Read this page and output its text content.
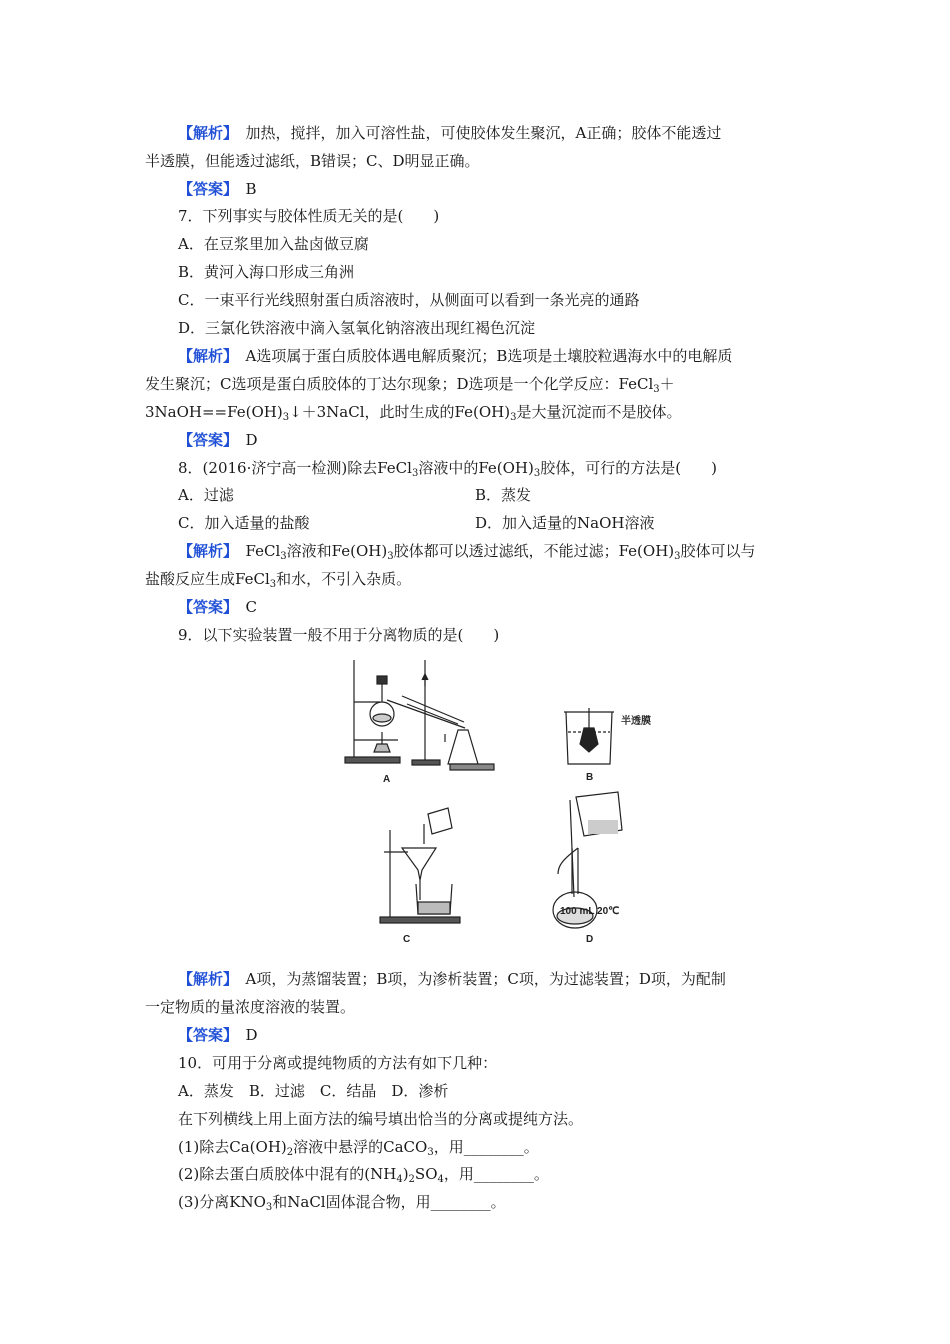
【解析】　 加热，搅拌，加入可溶性盐，可使胶体发生聚沉，A正确；胶体不能透过
半透膜，但能透过滤纸，B错误；C、D明显正确。
【答案】　 B
7．下列事实与胶体性质无关的是(　　)
A．在豆浆里加入盐卤做豆腐
B．黄河入海口形成三角洲
C．一束平行光线照射蛋白质溶液时，从侧面可以看到一条光亮的通路
D．三氯化铁溶液中滴入氢氧化钠溶液出现红褐色沉淀
【解析】　 A选项属于蛋白质胶体遇电解质聚沉；B选项是土壤胶粒遇海水中的电解质
发生聚沉；C选项是蛋白质胶体的丁达尔现象；D选项是一个化学反应：FeCl$_3$＋
$3NaOH==Fe(OH)_3↓+3NaCl$，此时生成的$Fe(OH)_3$是大量沉淀而不是胶体。
【答案】　 D
8．(2016·济宁高一检测)除去FeCl$_3$溶液中的$Fe(OH)_3$胶体，可行的方法是(　　)
A．过滤	B．蒸发
C．加入适量的盐酸	D．加入适量的NaOH溶液
【解析】　 FeCl$_3$溶液和$Fe(OH)_3$胶体都可以透过滤纸，不能过滤；$Fe(OH)_3$胶体可以与
盐酸反应生成FeCl$_3$和水，不引入杂质。
【答案】　 C
9．以下实验装置一般不用于分离物质的是(　　)
A
半透膜
B
C
100 mL 20℃
D
【解析】　 A项，为蒸馏装置；B项，为渗析装置；C项，为过滤装置；D项，为配制
一定物质的量浓度溶液的装置。
【答案】　 D
10．可用于分离或提纯物质的方法有如下几种：
A．蒸发　B．过滤　C．结晶　D．渗析
在下列横线上用上面方法的编号填出恰当的分离或提纯方法。
(1)除去$Ca(OH)_2$溶液中悬浮的CaCO$_3$，用________。
(2)除去蛋白质胶体中混有的$(NH_4)_2SO_4$，用________。
(3)分离$KNO_3$和NaCl固体混合物，用________。
